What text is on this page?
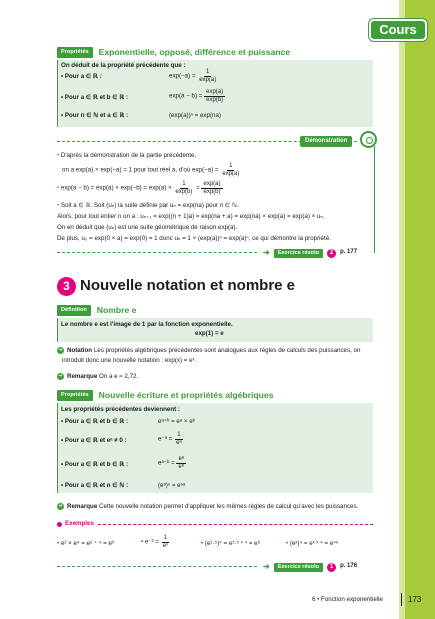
Cours
Propriétés	Exponentielle, opposé, différence et puissance
On déduit de la propriété précédente que :
• Pour a ∈ ℝ :	$\exp(-a) = \frac{1}{\exp(a)}$
• Pour a ∈ ℝ et b ∈ ℝ :	$\exp(a - b) = \frac{\exp(a)}{\exp(b)}$
• Pour n ∈ ℕ et a ∈ ℝ :	(exp(a))ⁿ = exp(na)
Démonstration
• D'après la démonstration de la partie précédente,
on a exp(a) × exp(−a) = 1 pour tout réel a, d'où $\exp(-a) = \frac{1}{\exp(a)}$
• $\exp(a - b) = \exp(a) \times \exp(-b) = \exp(a) \times \frac{1}{\exp(b)} = \frac{\exp(a)}{\exp(b)}$
• Soit a ∈ ℝ. Soit (uₙ) la suite définie par uₙ = exp(na) pour n ∈ ℕ.
Alors, pour tout entier n on a : uₙ₊₁ = exp((n + 1)a) = exp(na + a) = exp(na) × exp(a) = exp(a) × uₙ.
On en déduit que (uₙ) est une suite géométrique de raison exp(a).
De plus, u₀ = exp(0 × a) = exp(0) = 1 donc uₙ = 1 × (exp(a))ⁿ = exp(a)ⁿ, ce qui démontre la propriété.
➜	Exercice résolu	2	p. 177
3 Nouvelle notation et nombre e
Définition	Nombre e
Le nombre e est l'image de 1 par la fonction exponentielle.
exp(1) = e
➜ Notation Les propriétés algébriques précédentes sont analogues aux règles de calculs des puissances, on
introduit donc une nouvelle notation : exp(x) = eˣ.
➜ Remarque On a e ≈ 2,72.
Propriétés	Nouvelle écriture et propriétés algébriques
Les propriétés précédentes deviennent :
• Pour a ∈ ℝ et b ∈ ℝ :	eᵃ⁺ᵇ = eᵃ × eᵇ
• Pour a ∈ ℝ et eᵃ ≠ 0 :	e⁻ᵃ = $\frac{1}{\text{eᵃ}}$
• Pour a ∈ ℝ et b ∈ ℝ :	eᵃ⁻ᵇ = $\frac{\text{eᵃ}}{\text{eᵇ}}$
• Pour a ∈ ℝ et n ∈ ℕ :	(eᵃ)ⁿ = eⁿᵃ
➜ Remarque Cette nouvelle notation permet d'appliquer les mêmes règles de calcul qu'avec les puissances.
Exemples
• e² × e⁴ = e² ⁺ ⁴ = e⁶	• $e^{-2} = \frac{1}{\text{e²}}$	• (e¹·⁵)⁴ = e¹·⁵ ˣ ⁴ = e⁶	• (eˣ)⁴ = eˣ ˣ ⁴ = e⁴ˣ
➜	Exercice résolu	1	p. 176
6 • Fonction exponentielle	173
